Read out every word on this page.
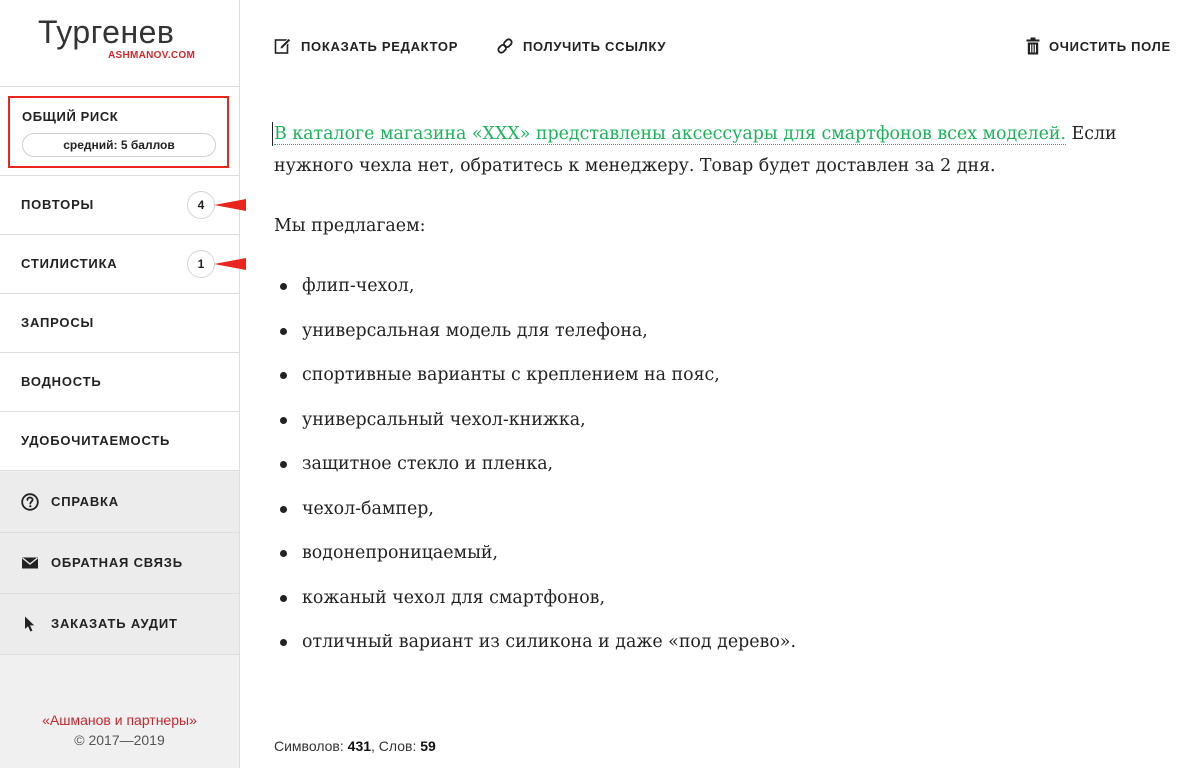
Тургенев
ASHMANOV.COM
ОБЩИЙ РИСК
средний: 5 баллов
ПОВТОРЫ	4
СТИЛИСТИКА	1
ЗАПРОСЫ
ВОДНОСТЬ
УДОБОЧИТАЕМОСТЬ
СПРАВКА
ОБРАТНАЯ СВЯЗЬ
ЗАКАЗАТЬ АУДИТ
«Ашманов и партнеры»
© 2017—2019
ПОКАЗАТЬ РЕДАКТОР	ПОЛУЧИТЬ ССЫЛКУ	ОЧИСТИТЬ ПОЛЕ

В каталоге магазина «XXX» представлены аксессуары для смартфонов всех моделей. Если нужного чехла нет, обратитесь к менеджеру. Товар будет доставлен за 2 дня.

Мы предлагаем:

флип-чехол,
универсальная модель для телефона,
спортивные варианты с креплением на пояс,
универсальный чехол-книжка,
защитное стекло и пленка,
чехол-бампер,
водонепроницаемый,
кожаный чехол для смартфонов,
отличный вариант из силикона и даже «под дерево».
Символов: 431, Слов: 59
